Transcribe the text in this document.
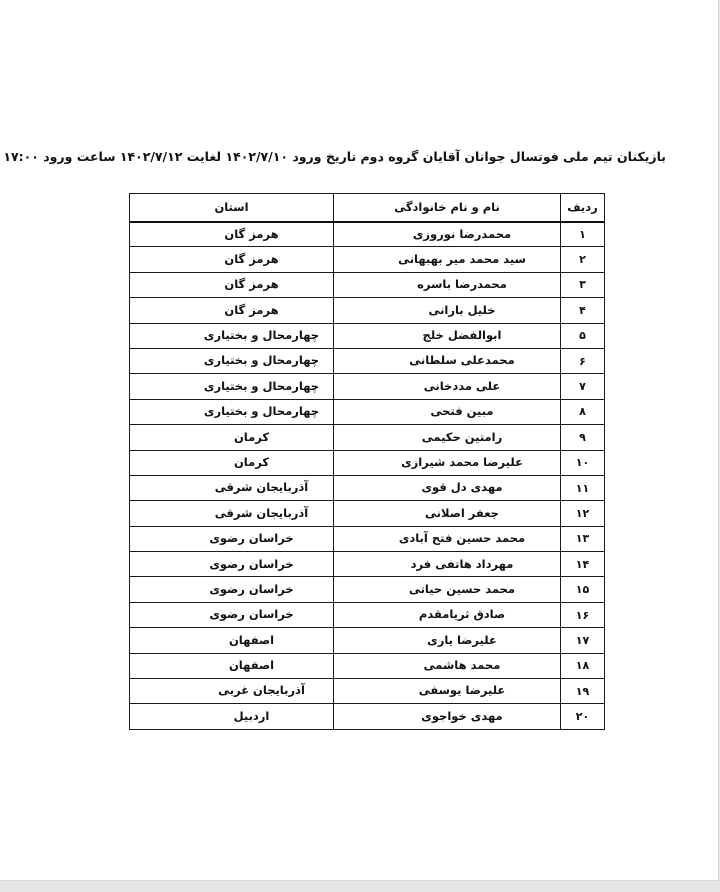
بازیکنان تیم ملی فوتسال جوانان آقایان گروه دوم تاریخ ورود ۱۴۰۲/۷/۱۰ لغایت ۱۴۰۲/۷/۱۲ ساعت ورود ۱۷:۰۰
ردیف	نام و نام خانوادگی	استان
۱	محمدرضا نوروزی	هرمز گان
۲	سید محمد میر بهبهانی	هرمز گان
۳	محمدرضا باسره	هرمز گان
۴	خلیل بارانی	هرمز گان
۵	ابوالفضل خلج	چهارمحال و بختیاری
۶	محمدعلی سلطانی	چهارمحال و بختیاری
۷	علی مددخانی	چهارمحال و بختیاری
۸	مبین فتحی	چهارمحال و بختیاری
۹	رامتین حکیمی	کرمان
۱۰	علیرضا محمد شیرازی	کرمان
۱۱	مهدی دل قوی	آذربایجان شرقی
۱۲	جعفر اصلانی	آذربایجان شرقی
۱۳	محمد حسین فتح آبادی	خراسان رضوی
۱۴	مهرداد هاتفی فرد	خراسان رضوی
۱۵	محمد حسین حیاتی	خراسان رضوی
۱۶	صادق ثریامقدم	خراسان رضوی
۱۷	علیرضا یاری	اصفهان
۱۸	محمد هاشمی	اصفهان
۱۹	علیرضا یوسفی	آذربایجان غربی
۲۰	مهدی خواجوی	اردبیل
